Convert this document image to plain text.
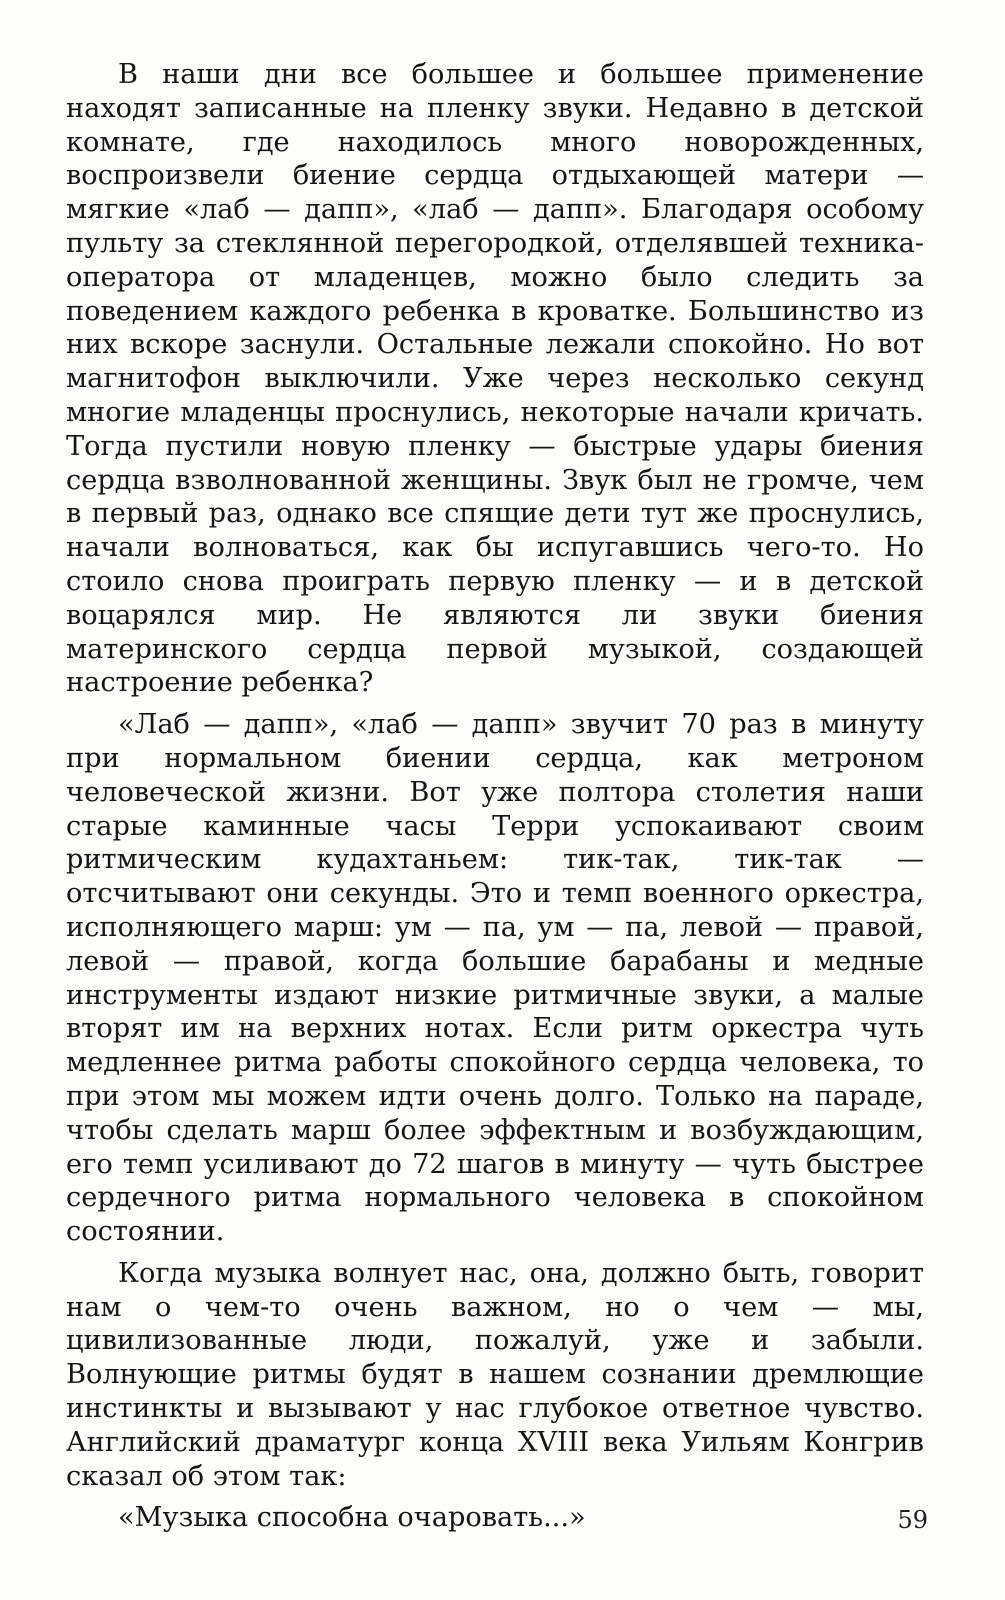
В наши дни все большее и большее применение находят записанные на пленку звуки. Недавно в детской комнате, где находилось много новорожденных, воспроизвели биение сердца отдыхающей матери — мягкие «лаб — дапп», «лаб — дапп». Благодаря особому пульту за стеклянной перегородкой, отделявшей техника-оператора от младенцев, можно было следить за поведением каждого ребенка в кроватке. Большинство из них вскоре заснули. Остальные лежали спокойно. Но вот магнитофон выключили. Уже через несколько секунд многие младенцы проснулись, некоторые начали кричать. Тогда пустили новую пленку — быстрые удары биения сердца взволнованной женщины. Звук был не громче, чем в первый раз, однако все спящие дети тут же проснулись, начали волноваться, как бы испугавшись чего-то. Но стоило снова проиграть первую пленку — и в детской воцарялся мир. Не являются ли звуки биения материнского сердца первой музыкой, создающей настроение ребенка?

«Лаб — дапп», «лаб — дапп» звучит 70 раз в минуту при нормальном биении сердца, как метроном человеческой жизни. Вот уже полтора столетия наши старые каминные часы Терри успокаивают своим ритмическим кудахтаньем: тик-так, тик-так — отсчитывают они секунды. Это и темп военного оркестра, исполняющего марш: ум — па, ум — па, левой — правой, левой — правой, когда большие барабаны и медные инструменты издают низкие ритмичные звуки, а малые вторят им на верхних нотах. Если ритм оркестра чуть медленнее ритма работы спокойного сердца человека, то при этом мы можем идти очень долго. Только на параде, чтобы сделать марш более эффектным и возбуждающим, его темп усиливают до 72 шагов в минуту — чуть быстрее сердечного ритма нормального человека в спокойном состоянии.

Когда музыка волнует нас, она, должно быть, говорит нам о чем-то очень важном, но о чем — мы, цивилизованные люди, пожалуй, уже и забыли. Волнующие ритмы будят в нашем сознании дремлющие инстинкты и вызывают у нас глубокое ответное чувство. Английский драматург конца XVIII века Уильям Конгрив сказал об этом так:

«Музыка способна очаровать...»	59
